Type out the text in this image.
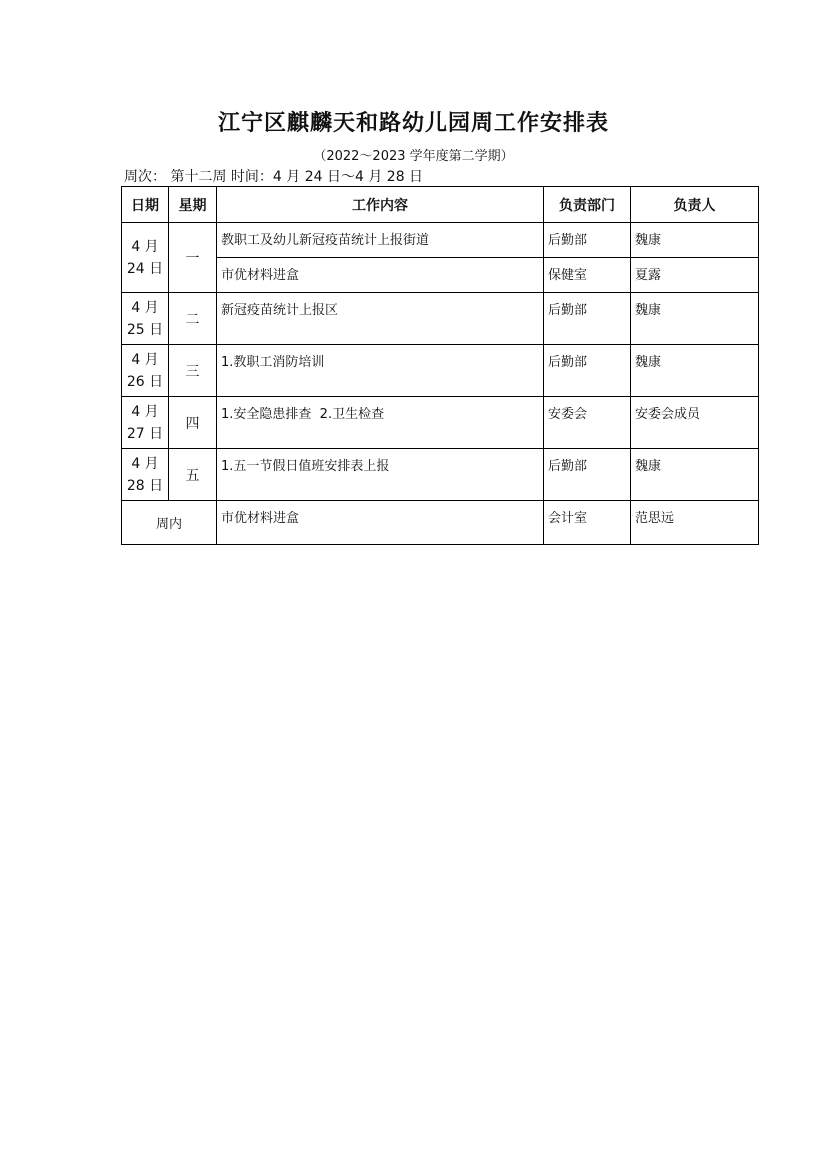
江宁区麒麟天和路幼儿园周工作安排表
（2022～2023 学年度第二学期）
周次： 第十二周 时间：4 月 24 日～4 月 28 日
日期	星期	工作内容	负责部门	负责人
4 月
24 日	一	教职工及幼儿新冠疫苗统计上报街道	后勤部	魏康
		市优材料进盒	保健室	夏露
4 月
25 日	二	新冠疫苗统计上报区	后勤部	魏康
4 月
26 日	三	1.教职工消防培训	后勤部	魏康
4 月
27 日	四	1.安全隐患排查  2.卫生检查	安委会	安委会成员
4 月
28 日	五	1.五一节假日值班安排表上报	后勤部	魏康
周内		市优材料进盒	会计室	范思远
